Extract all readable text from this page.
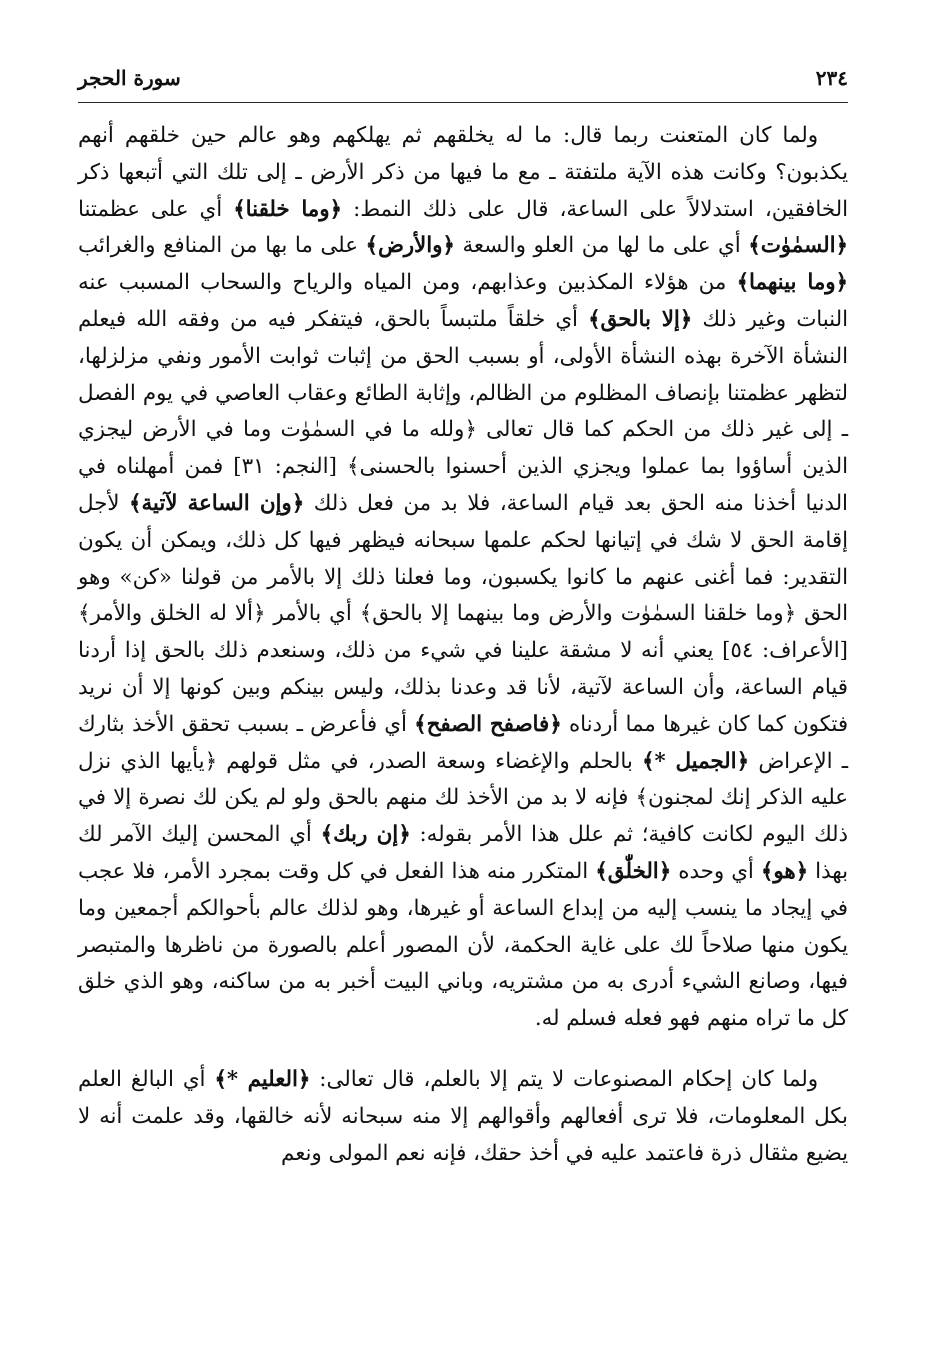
٢٣٤
سورة الحجر

ولما كان المتعنت ربما قال: ما له يخلقهم ثم يهلكهم وهو عالم حين خلقهم أنهم يكذبون؟ وكانت هذه الآية ملتفتة ـ مع ما فيها من ذكر الأرض ـ إلى تلك التي أتبعها ذكر الخافقين، استدلالاً على الساعة، قال على ذلك النمط: ﴿وما خلقنا﴾ أي على عظمتنا ﴿السمٰوٰت﴾ أي على ما لها من العلو والسعة ﴿والأرض﴾ على ما بها من المنافع والغرائب ﴿وما بينهما﴾ من هؤلاء المكذبين وعذابهم، ومن المياه والرياح والسحاب المسبب عنه النبات وغير ذلك ﴿إلا بالحق﴾ أي خلقاً ملتبساً بالحق، فيتفكر فيه من وفقه الله فيعلم النشأة الآخرة بهذه النشأة الأولى، أو بسبب الحق من إثبات ثوابت الأمور ونفي مزلزلها، لتظهر عظمتنا بإنصاف المظلوم من الظالم، وإثابة الطائع وعقاب العاصي في يوم الفصل ـ إلى غير ذلك من الحكم كما قال تعالى ﴿ولله ما في السمٰوٰت وما في الأرض ليجزي الذين أساؤوا بما عملوا ويجزي الذين أحسنوا بالحسنى﴾ [النجم: ٣١] فمن أمهلناه في الدنيا أخذنا منه الحق بعد قيام الساعة، فلا بد من فعل ذلك ﴿وإن الساعة لآتية﴾ لأجل إقامة الحق لا شك في إتيانها لحكم علمها سبحانه فيظهر فيها كل ذلك، ويمكن أن يكون التقدير: فما أغنى عنهم ما كانوا يكسبون، وما فعلنا ذلك إلا بالأمر من قولنا «كن» وهو الحق ﴿وما خلقنا السمٰوٰت والأرض وما بينهما إلا بالحق﴾ أي بالأمر ﴿ألا له الخلق والأمر﴾ [الأعراف: ٥٤] يعني أنه لا مشقة علينا في شيء من ذلك، وسنعدم ذلك بالحق إذا أردنا قيام الساعة، وأن الساعة لآتية، لأنا قد وعدنا بذلك، وليس بينكم وبين كونها إلا أن نريد فتكون كما كان غيرها مما أردناه ﴿فاصفح الصفح﴾ أي فأعرض ـ بسبب تحقق الأخذ بثارك ـ الإعراض ﴿الجميل *﴾ بالحلم والإغضاء وسعة الصدر، في مثل قولهم ﴿يأيها الذي نزل عليه الذكر إنك لمجنون﴾ فإنه لا بد من الأخذ لك منهم بالحق ولو لم يكن لك نصرة إلا في ذلك اليوم لكانت كافية؛ ثم علل هذا الأمر بقوله: ﴿إن ربك﴾ أي المحسن إليك الآمر لك بهذا ﴿هو﴾ أي وحده ﴿الخلّٰق﴾ المتكرر منه هذا الفعل في كل وقت بمجرد الأمر، فلا عجب في إيجاد ما ينسب إليه من إبداع الساعة أو غيرها، وهو لذلك عالم بأحوالكم أجمعين وما يكون منها صلاحاً لك على غاية الحكمة، لأن المصور أعلم بالصورة من ناظرها والمتبصر فيها، وصانع الشيء أدرى به من مشتريه، وباني البيت أخبر به من ساكنه، وهو الذي خلق كل ما تراه منهم فهو فعله فسلم له.

ولما كان إحكام المصنوعات لا يتم إلا بالعلم، قال تعالى: ﴿العليم *﴾ أي البالغ العلم بكل المعلومات، فلا ترى أفعالهم وأقوالهم إلا منه سبحانه لأنه خالقها، وقد علمت أنه لا يضيع مثقال ذرة فاعتمد عليه في أخذ حقك، فإنه نعم المولى ونعم
